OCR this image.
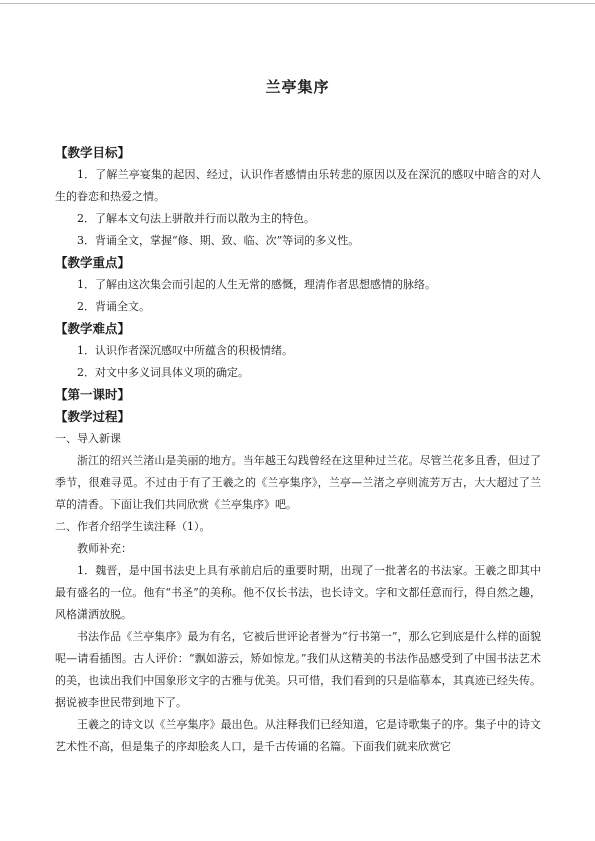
兰亭集序
【教学目标】

1．了解兰亭宴集的起因、经过，认识作者感情由乐转悲的原因以及在深沉的感叹中暗含的对人生的眷恋和热爱之情。

2．了解本文句法上骈散并行而以散为主的特色。

3．背诵全文，掌握“修、期、致、临、次”等词的多义性。

【教学重点】

1．了解由这次集会而引起的人生无常的感慨，理清作者思想感情的脉络。

2．背诵全文。

【教学难点】

1．认识作者深沉感叹中所蕴含的积极情绪。

2．对文中多义词具体义项的确定。

【第一课时】
【教学过程】

一、导入新课

浙江的绍兴兰渚山是美丽的地方。当年越王勾践曾经在这里种过兰花。尽管兰花多且香，但过了季节，很难寻觅。不过由于有了王羲之的《兰亭集序》，兰亭—兰渚之亭则流芳万古，大大超过了兰草的清香。下面让我们共同欣赏《兰亭集序》吧。

二、作者介绍学生读注释（1）。

教师补充：

1．魏晋，是中国书法史上具有承前启后的重要时期，出现了一批著名的书法家。王羲之即其中最有盛名的一位。他有“书圣”的美称。他不仅长书法，也长诗文。字和文都任意而行，得自然之趣，风格潇洒放脱。

书法作品《兰亭集序》最为有名，它被后世评论者誉为“行书第一”，那么它到底是什么样的面貌呢—请看插图。古人评价：“飘如游云，矫如惊龙。”我们从这精美的书法作品感受到了中国书法艺术的美，也读出我们中国象形文字的古雅与优美。只可惜，我们看到的只是临摹本，其真迹已经失传。据说被李世民带到地下了。

王羲之的诗文以《兰亭集序》最出色。从注释我们已经知道，它是诗歌集子的序。集子中的诗文艺术性不高，但是集子的序却脍炙人口，是千古传诵的名篇。下面我们就来欣赏它
